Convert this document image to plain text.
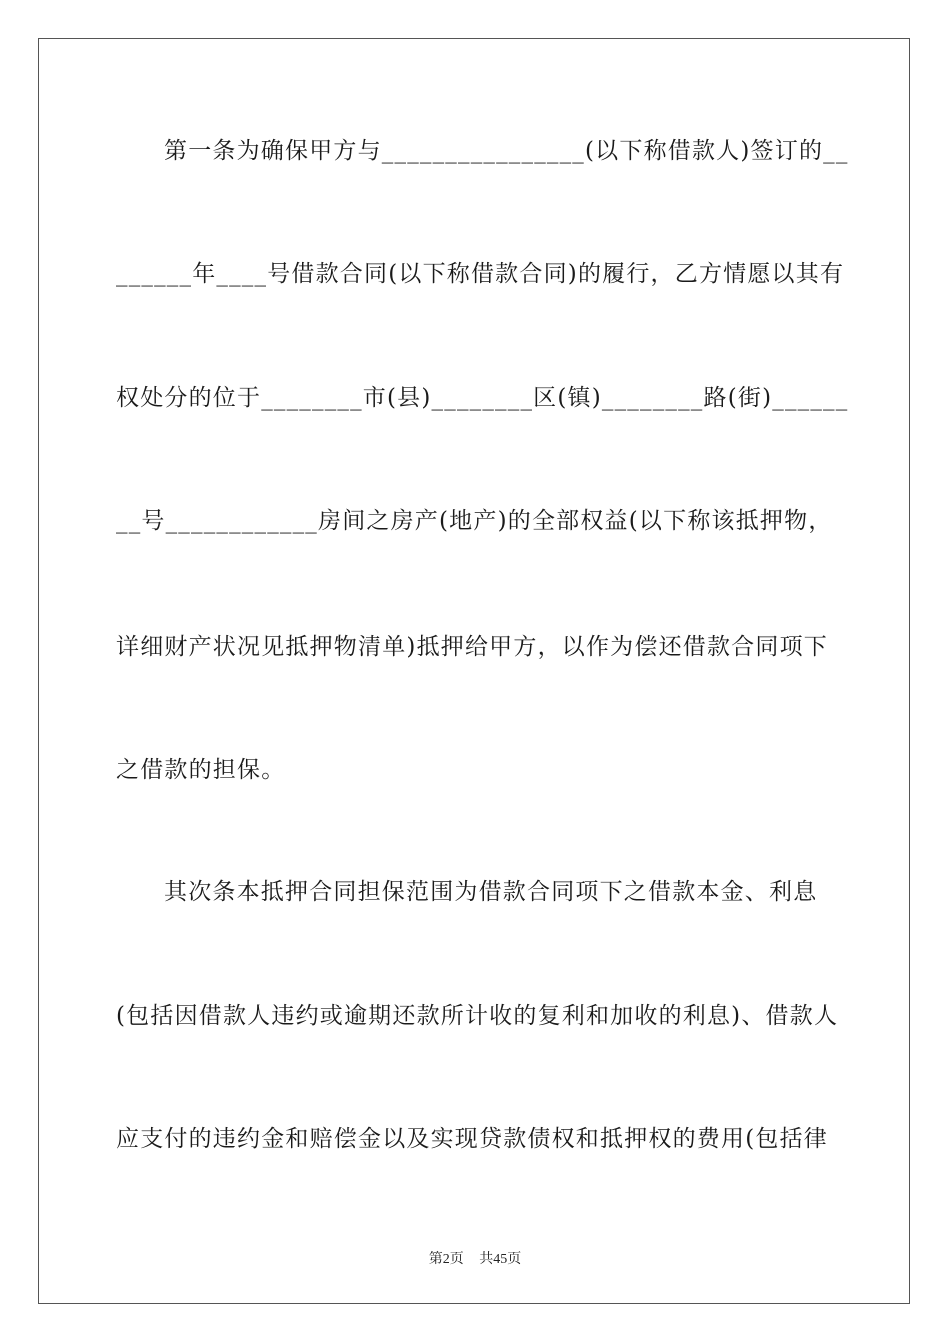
第一条为确保甲方与________________(以下称借款人)签订的__
______年____号借款合同(以下称借款合同)的履行，乙方情愿以其有
权处分的位于________市(县)________区(镇)________路(街)______
__号____________房间之房产(地产)的全部权益(以下称该抵押物，
详细财产状况见抵押物清单)抵押给甲方，以作为偿还借款合同项下
之借款的担保。
其次条本抵押合同担保范围为借款合同项下之借款本金、利息
(包括因借款人违约或逾期还款所计收的复利和加收的利息)、借款人
应支付的违约金和赔偿金以及实现贷款债权和抵押权的费用(包括律
第2页 共45页
